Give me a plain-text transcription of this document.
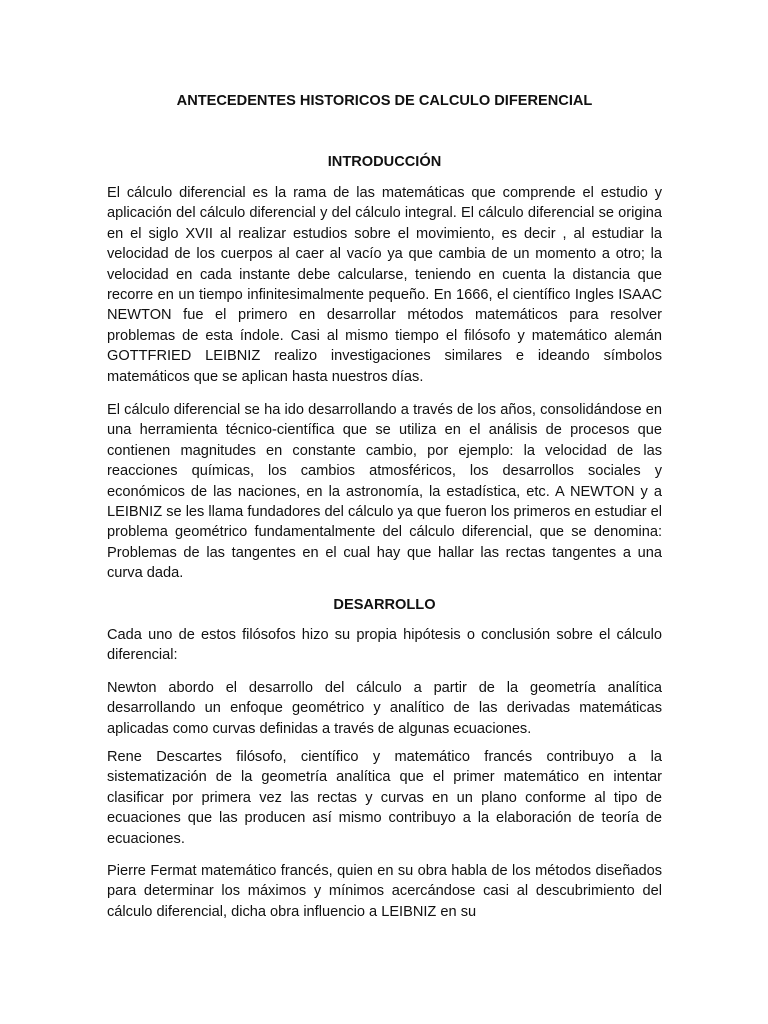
ANTECEDENTES HISTORICOS DE CALCULO DIFERENCIAL
INTRODUCCIÓN

El cálculo diferencial es la rama de las matemáticas que comprende el estudio y aplicación del cálculo diferencial y del cálculo integral. El cálculo diferencial se origina en el siglo XVII al realizar estudios sobre el movimiento, es decir , al estudiar la velocidad de los cuerpos al caer al vacío ya que cambia de un momento a otro; la velocidad en cada instante debe calcularse, teniendo en cuenta la distancia que recorre en un tiempo infinitesimalmente pequeño. En 1666, el científico Ingles ISAAC NEWTON fue el primero en desarrollar métodos matemáticos para resolver problemas de esta índole. Casi al mismo tiempo el filósofo y matemático alemán GOTTFRIED LEIBNIZ realizo investigaciones similares e ideando símbolos matemáticos que se aplican hasta nuestros días.

El cálculo diferencial se ha ido desarrollando a través de los años, consolidándose en una herramienta técnico-científica que se utiliza en el análisis de procesos que contienen magnitudes en constante cambio, por ejemplo: la velocidad de las reacciones químicas, los cambios atmosféricos, los desarrollos sociales y económicos de las naciones, en la astronomía, la estadística, etc. A NEWTON y a LEIBNIZ se les llama fundadores del cálculo ya que fueron los primeros en estudiar el problema geométrico fundamentalmente del cálculo diferencial, que se denomina: Problemas de las tangentes en el cual hay que hallar las rectas tangentes a una curva dada.

DESARROLLO

Cada uno de estos filósofos hizo su propia hipótesis o conclusión sobre el cálculo diferencial:

Newton abordo el desarrollo del cálculo a partir de la geometría analítica desarrollando un enfoque geométrico y analítico de las derivadas matemáticas aplicadas como curvas definidas a través de algunas ecuaciones.

Rene Descartes filósofo, científico y matemático francés contribuyo a la sistematización de la geometría analítica que el primer matemático en intentar clasificar por primera vez las rectas y curvas en un plano conforme al tipo de ecuaciones que las producen así mismo contribuyo a la elaboración de teoría de ecuaciones.

Pierre Fermat matemático francés, quien en su obra habla de los métodos diseñados para determinar los máximos y mínimos acercándose casi al descubrimiento del cálculo diferencial, dicha obra influencio a LEIBNIZ en su
